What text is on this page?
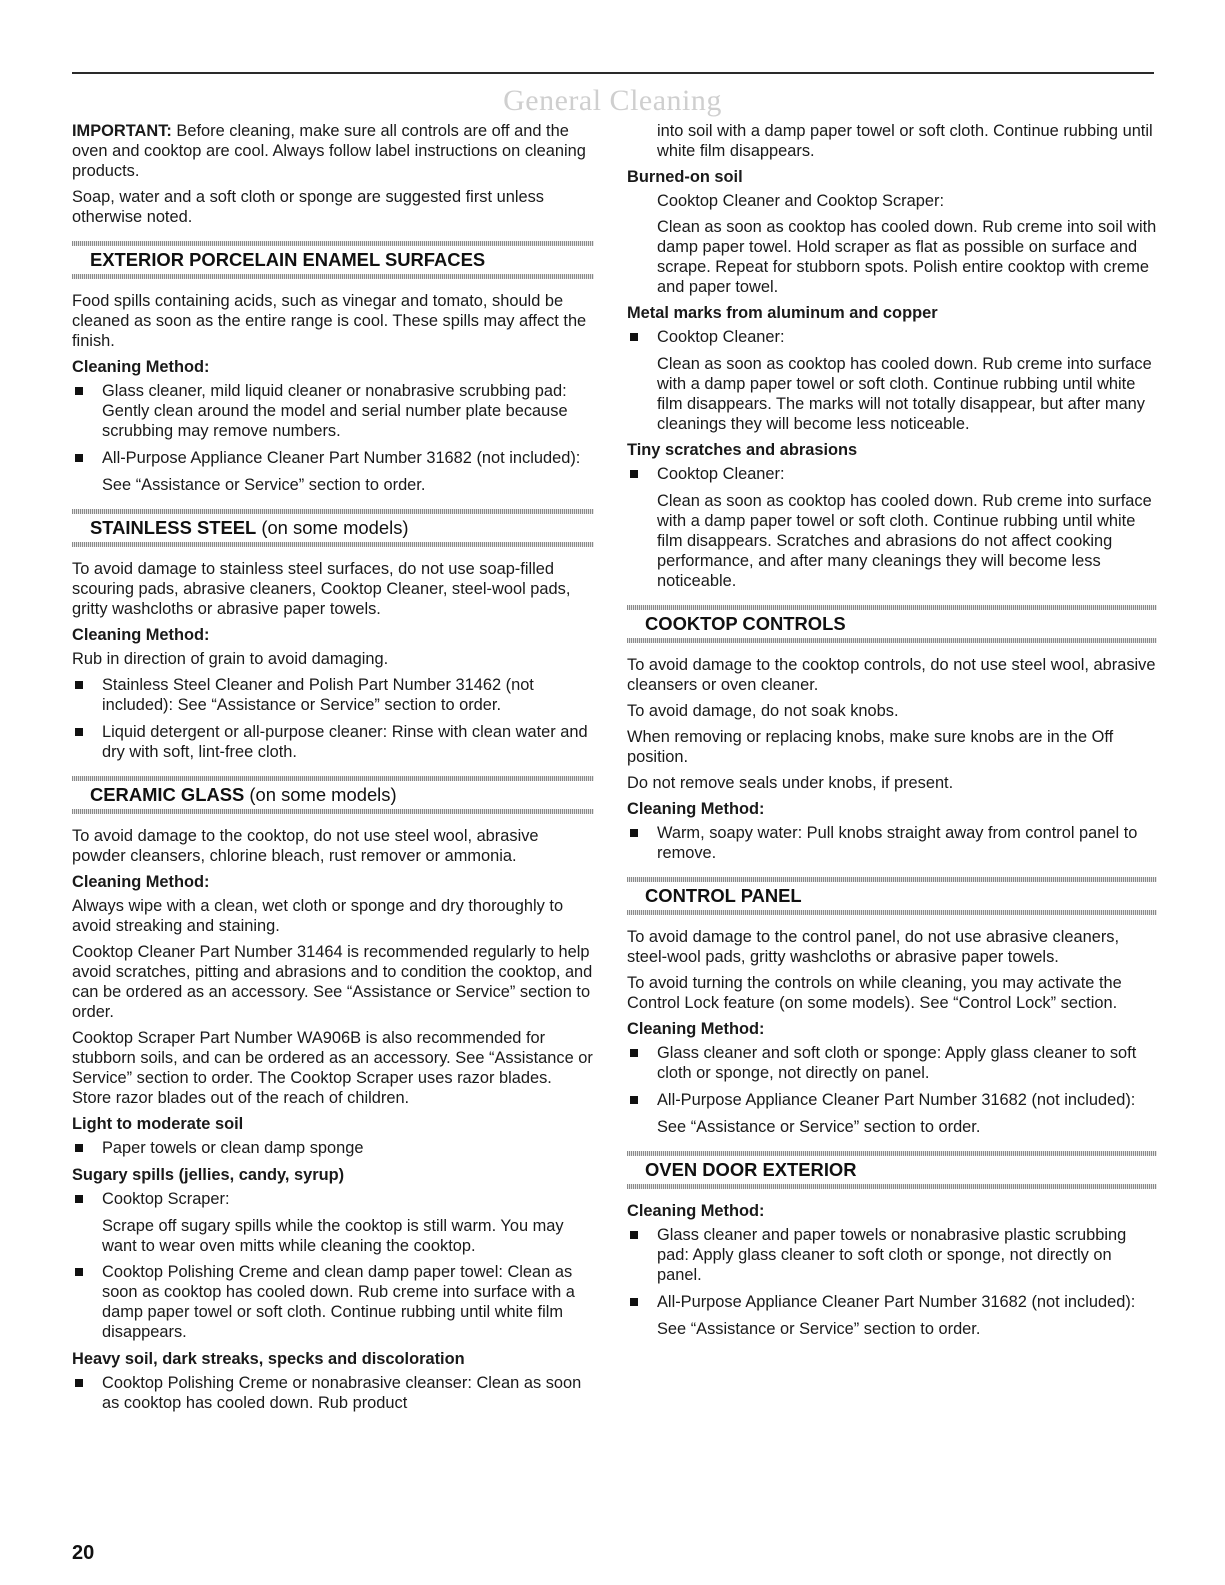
General Cleaning

IMPORTANT: Before cleaning, make sure all controls are off and the oven and cooktop are cool. Always follow label instructions on cleaning products.

Soap, water and a soft cloth or sponge are suggested first unless otherwise noted.

EXTERIOR PORCELAIN ENAMEL SURFACES

Food spills containing acids, such as vinegar and tomato, should be cleaned as soon as the entire range is cool. These spills may affect the finish.

Cleaning Method:
Glass cleaner, mild liquid cleaner or nonabrasive scrubbing pad: Gently clean around the model and serial number plate because scrubbing may remove numbers.
All-Purpose Appliance Cleaner Part Number 31682 (not included):

See “Assistance or Service” section to order.

STAINLESS STEEL (on some models)

To avoid damage to stainless steel surfaces, do not use soap-filled scouring pads, abrasive cleaners, Cooktop Cleaner, steel-wool pads, gritty washcloths or abrasive paper towels.

Cleaning Method:

Rub in direction of grain to avoid damaging.

Stainless Steel Cleaner and Polish Part Number 31462 (not included): See “Assistance or Service” section to order.
Liquid detergent or all-purpose cleaner: Rinse with clean water and dry with soft, lint-free cloth.
CERAMIC GLASS (on some models)

To avoid damage to the cooktop, do not use steel wool, abrasive powder cleansers, chlorine bleach, rust remover or ammonia.

Cleaning Method:

Always wipe with a clean, wet cloth or sponge and dry thoroughly to avoid streaking and staining.

Cooktop Cleaner Part Number 31464 is recommended regularly to help avoid scratches, pitting and abrasions and to condition the cooktop, and can be ordered as an accessory. See “Assistance or Service” section to order.

Cooktop Scraper Part Number WA906B is also recommended for stubborn soils, and can be ordered as an accessory. See “Assistance or Service” section to order. The Cooktop Scraper uses razor blades. Store razor blades out of the reach of children.

Light to moderate soil
Paper towels or clean damp sponge
Sugary spills (jellies, candy, syrup)
Cooktop Scraper:

Scrape off sugary spills while the cooktop is still warm. You may want to wear oven mitts while cleaning the cooktop.

Cooktop Polishing Creme and clean damp paper towel: Clean as soon as cooktop has cooled down. Rub creme into surface with a damp paper towel or soft cloth. Continue rubbing until white film disappears.
Heavy soil, dark streaks, specks and discoloration
Cooktop Polishing Creme or nonabrasive cleanser: Clean as soon as cooktop has cooled down. Rub product

into soil with a damp paper towel or soft cloth. Continue rubbing until white film disappears.

Burned-on soil

Cooktop Cleaner and Cooktop Scraper:

Clean as soon as cooktop has cooled down. Rub creme into soil with damp paper towel. Hold scraper as flat as possible on surface and scrape. Repeat for stubborn spots. Polish entire cooktop with creme and paper towel.

Metal marks from aluminum and copper
Cooktop Cleaner:

Clean as soon as cooktop has cooled down. Rub creme into surface with a damp paper towel or soft cloth. Continue rubbing until white film disappears. The marks will not totally disappear, but after many cleanings they will become less noticeable.

Tiny scratches and abrasions
Cooktop Cleaner:

Clean as soon as cooktop has cooled down. Rub creme into surface with a damp paper towel or soft cloth. Continue rubbing until white film disappears. Scratches and abrasions do not affect cooking performance, and after many cleanings they will become less noticeable.

COOKTOP CONTROLS

To avoid damage to the cooktop controls, do not use steel wool, abrasive cleansers or oven cleaner.

To avoid damage, do not soak knobs.

When removing or replacing knobs, make sure knobs are in the Off position.

Do not remove seals under knobs, if present.

Cleaning Method:
Warm, soapy water: Pull knobs straight away from control panel to remove.
CONTROL PANEL

To avoid damage to the control panel, do not use abrasive cleaners, steel-wool pads, gritty washcloths or abrasive paper towels.

To avoid turning the controls on while cleaning, you may activate the Control Lock feature (on some models). See “Control Lock” section.

Cleaning Method:
Glass cleaner and soft cloth or sponge: Apply glass cleaner to soft cloth or sponge, not directly on panel.
All-Purpose Appliance Cleaner Part Number 31682 (not included):

See “Assistance or Service” section to order.

OVEN DOOR EXTERIOR
Cleaning Method:
Glass cleaner and paper towels or nonabrasive plastic scrubbing pad: Apply glass cleaner to soft cloth or sponge, not directly on panel.
All-Purpose Appliance Cleaner Part Number 31682 (not included):

See “Assistance or Service” section to order.

20
